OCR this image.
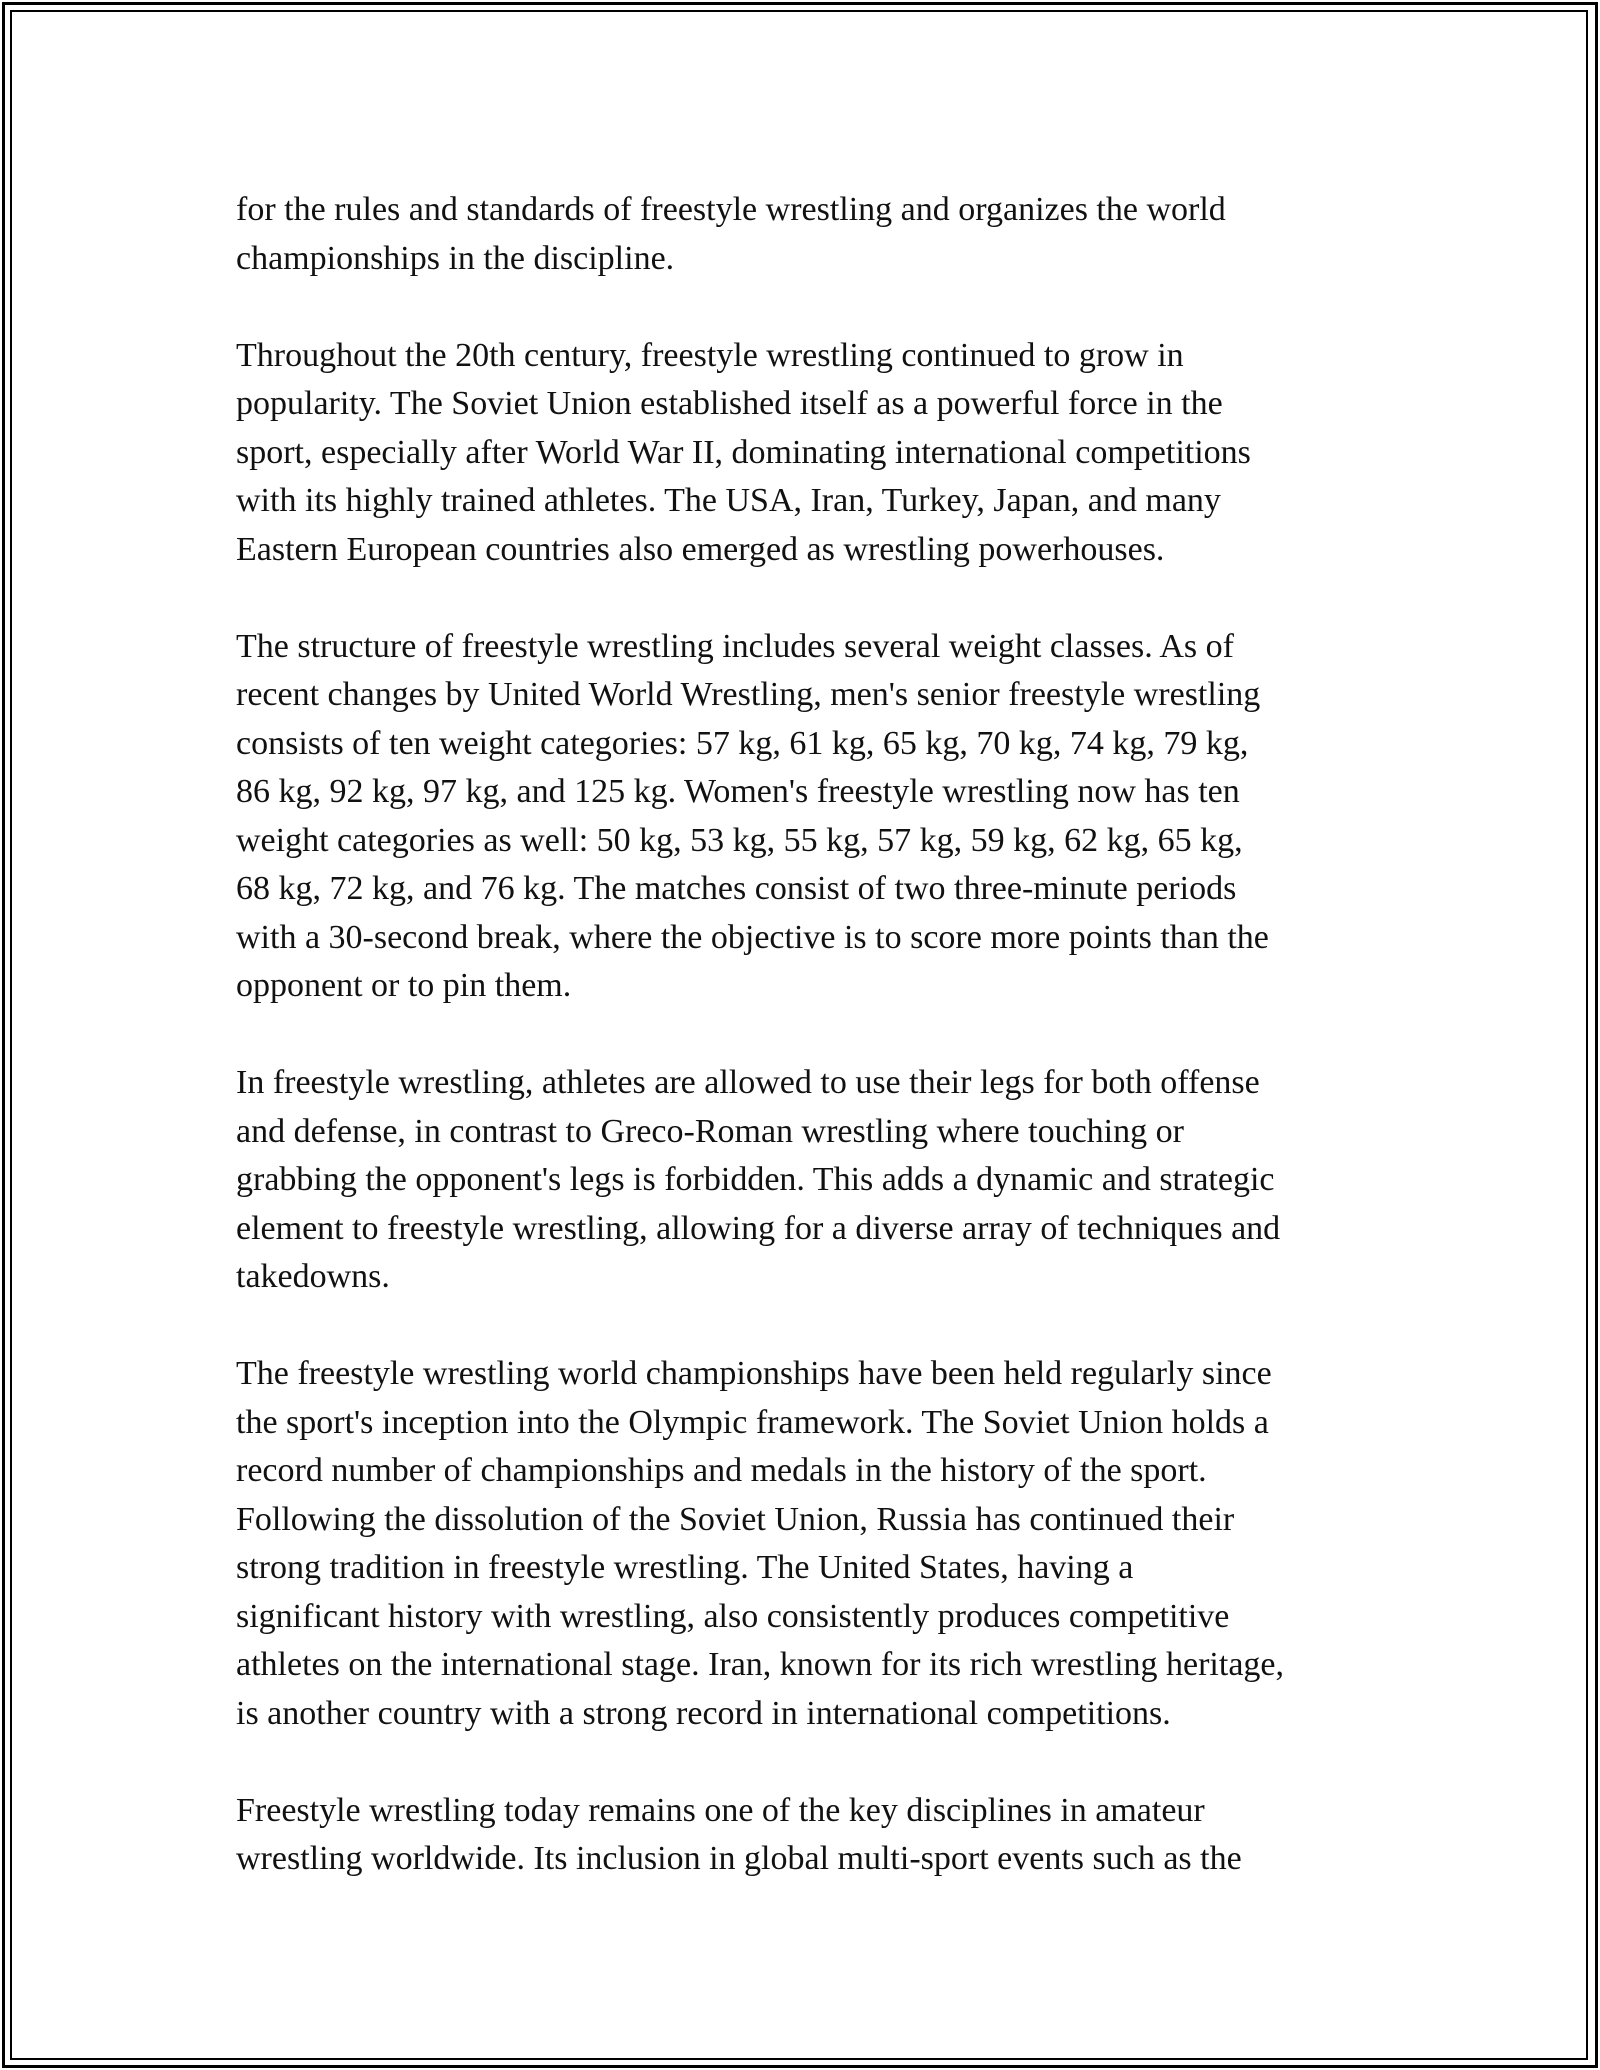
for the rules and standards of freestyle wrestling and organizes the world
championships in the discipline.

Throughout the 20th century, freestyle wrestling continued to grow in
popularity. The Soviet Union established itself as a powerful force in the
sport, especially after World War II, dominating international competitions
with its highly trained athletes. The USA, Iran, Turkey, Japan, and many
Eastern European countries also emerged as wrestling powerhouses.

The structure of freestyle wrestling includes several weight classes. As of
recent changes by United World Wrestling, men's senior freestyle wrestling
consists of ten weight categories: 57 kg, 61 kg, 65 kg, 70 kg, 74 kg, 79 kg,
86 kg, 92 kg, 97 kg, and 125 kg. Women's freestyle wrestling now has ten
weight categories as well: 50 kg, 53 kg, 55 kg, 57 kg, 59 kg, 62 kg, 65 kg,
68 kg, 72 kg, and 76 kg. The matches consist of two three-minute periods
with a 30-second break, where the objective is to score more points than the
opponent or to pin them.

In freestyle wrestling, athletes are allowed to use their legs for both offense
and defense, in contrast to Greco-Roman wrestling where touching or
grabbing the opponent's legs is forbidden. This adds a dynamic and strategic
element to freestyle wrestling, allowing for a diverse array of techniques and
takedowns.

The freestyle wrestling world championships have been held regularly since
the sport's inception into the Olympic framework. The Soviet Union holds a
record number of championships and medals in the history of the sport.
Following the dissolution of the Soviet Union, Russia has continued their
strong tradition in freestyle wrestling. The United States, having a
significant history with wrestling, also consistently produces competitive
athletes on the international stage. Iran, known for its rich wrestling heritage,
is another country with a strong record in international competitions.

Freestyle wrestling today remains one of the key disciplines in amateur
wrestling worldwide. Its inclusion in global multi-sport events such as the
